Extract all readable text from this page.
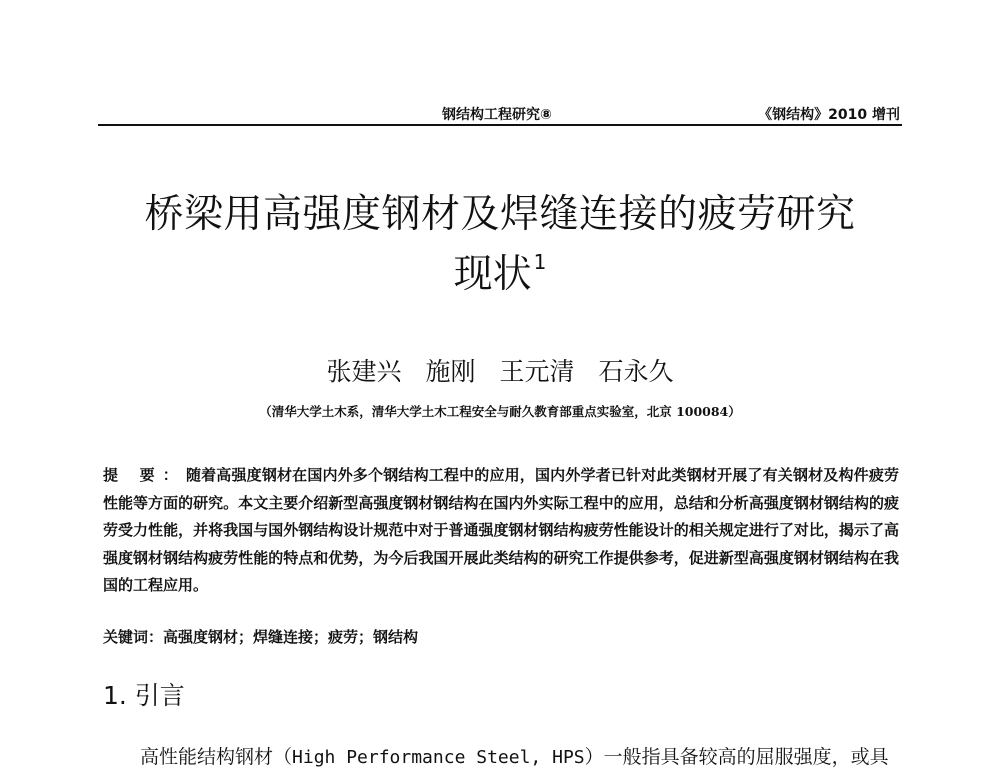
钢结构工程研究⑧	《钢结构》2010 增刊
桥梁用高强度钢材及焊缝连接的疲劳研究
现状 $^1$
张建兴 施刚 王元清 石永久
（清华大学土木系，清华大学土木工程安全与耐久教育部重点实验室，北京 100084）
提 要：随着高强度钢材在国内外多个钢结构工程中的应用，国内外学者已针对此类钢材开展了有关钢材及构件疲劳性能等方面的研究。本文主要介绍新型高强度钢材钢结构在国内外实际工程中的应用，总结和分析高强度钢材钢结构的疲劳受力性能，并将我国与国外钢结构设计规范中对于普通强度钢材钢结构疲劳性能设计的相关规定进行了对比，揭示了高强度钢材钢结构疲劳性能的特点和优势，为今后我国开展此类结构的研究工作提供参考，促进新型高强度钢材钢结构在我国的工程应用。
关键词：高强度钢材；焊缝连接；疲劳；钢结构
1. 引言
高性能结构钢材（High Performance Steel, HPS）一般指具备较高的屈服强度，或具
